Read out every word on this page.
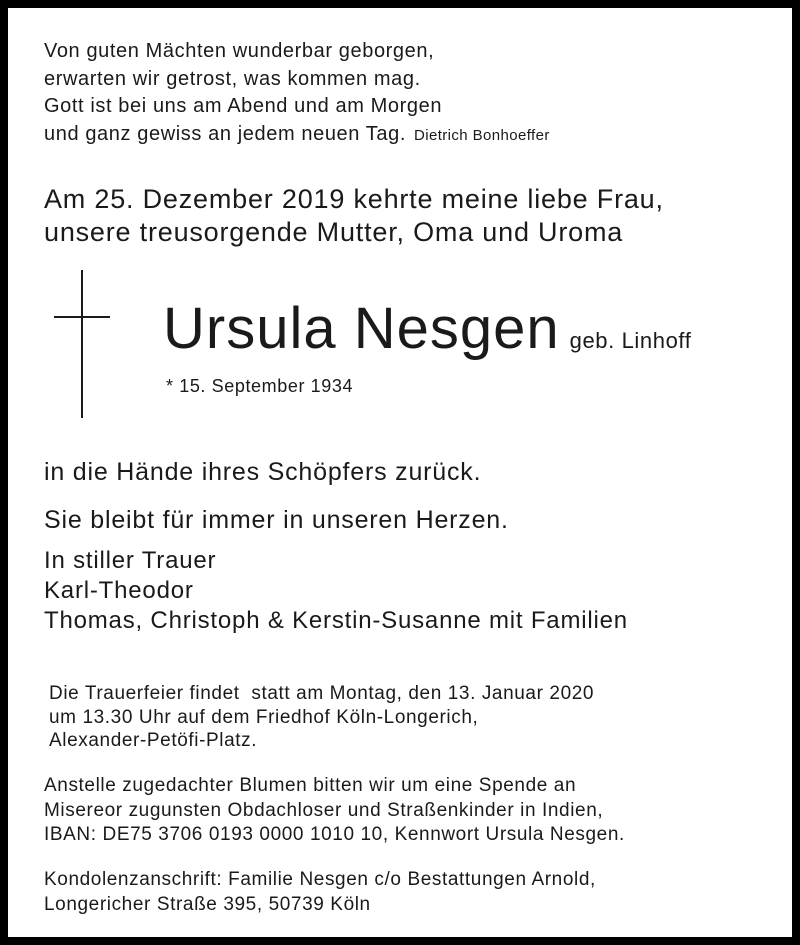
Von guten Mächten wunderbar geborgen,
erwarten wir getrost, was kommen mag.
Gott ist bei uns am Abend und am Morgen
und ganz gewiss an jedem neuen Tag. Dietrich Bonhoeffer
Am 25. Dezember 2019 kehrte meine liebe Frau,
unsere treusorgende Mutter, Oma und Uroma
Ursula Nesgen geb. Linhoff
* 15. September 1934
in die Hände ihres Schöpfers zurück.
Sie bleibt für immer in unseren Herzen.
In stiller Trauer
Karl-Theodor
Thomas, Christoph & Kerstin-Susanne mit Familien
Die Trauerfeier findet  statt am Montag, den 13. Januar 2020
um 13.30 Uhr auf dem Friedhof Köln-Longerich,
Alexander-Petöfi-Platz.
Anstelle zugedachter Blumen bitten wir um eine Spende an
Misereor zugunsten Obdachloser und Straßenkinder in Indien,
IBAN: DE75 3706 0193 0000 1010 10, Kennwort Ursula Nesgen.
Kondolenzanschrift: Familie Nesgen c/o Bestattungen Arnold,
Longericher Straße 395, 50739 Köln
